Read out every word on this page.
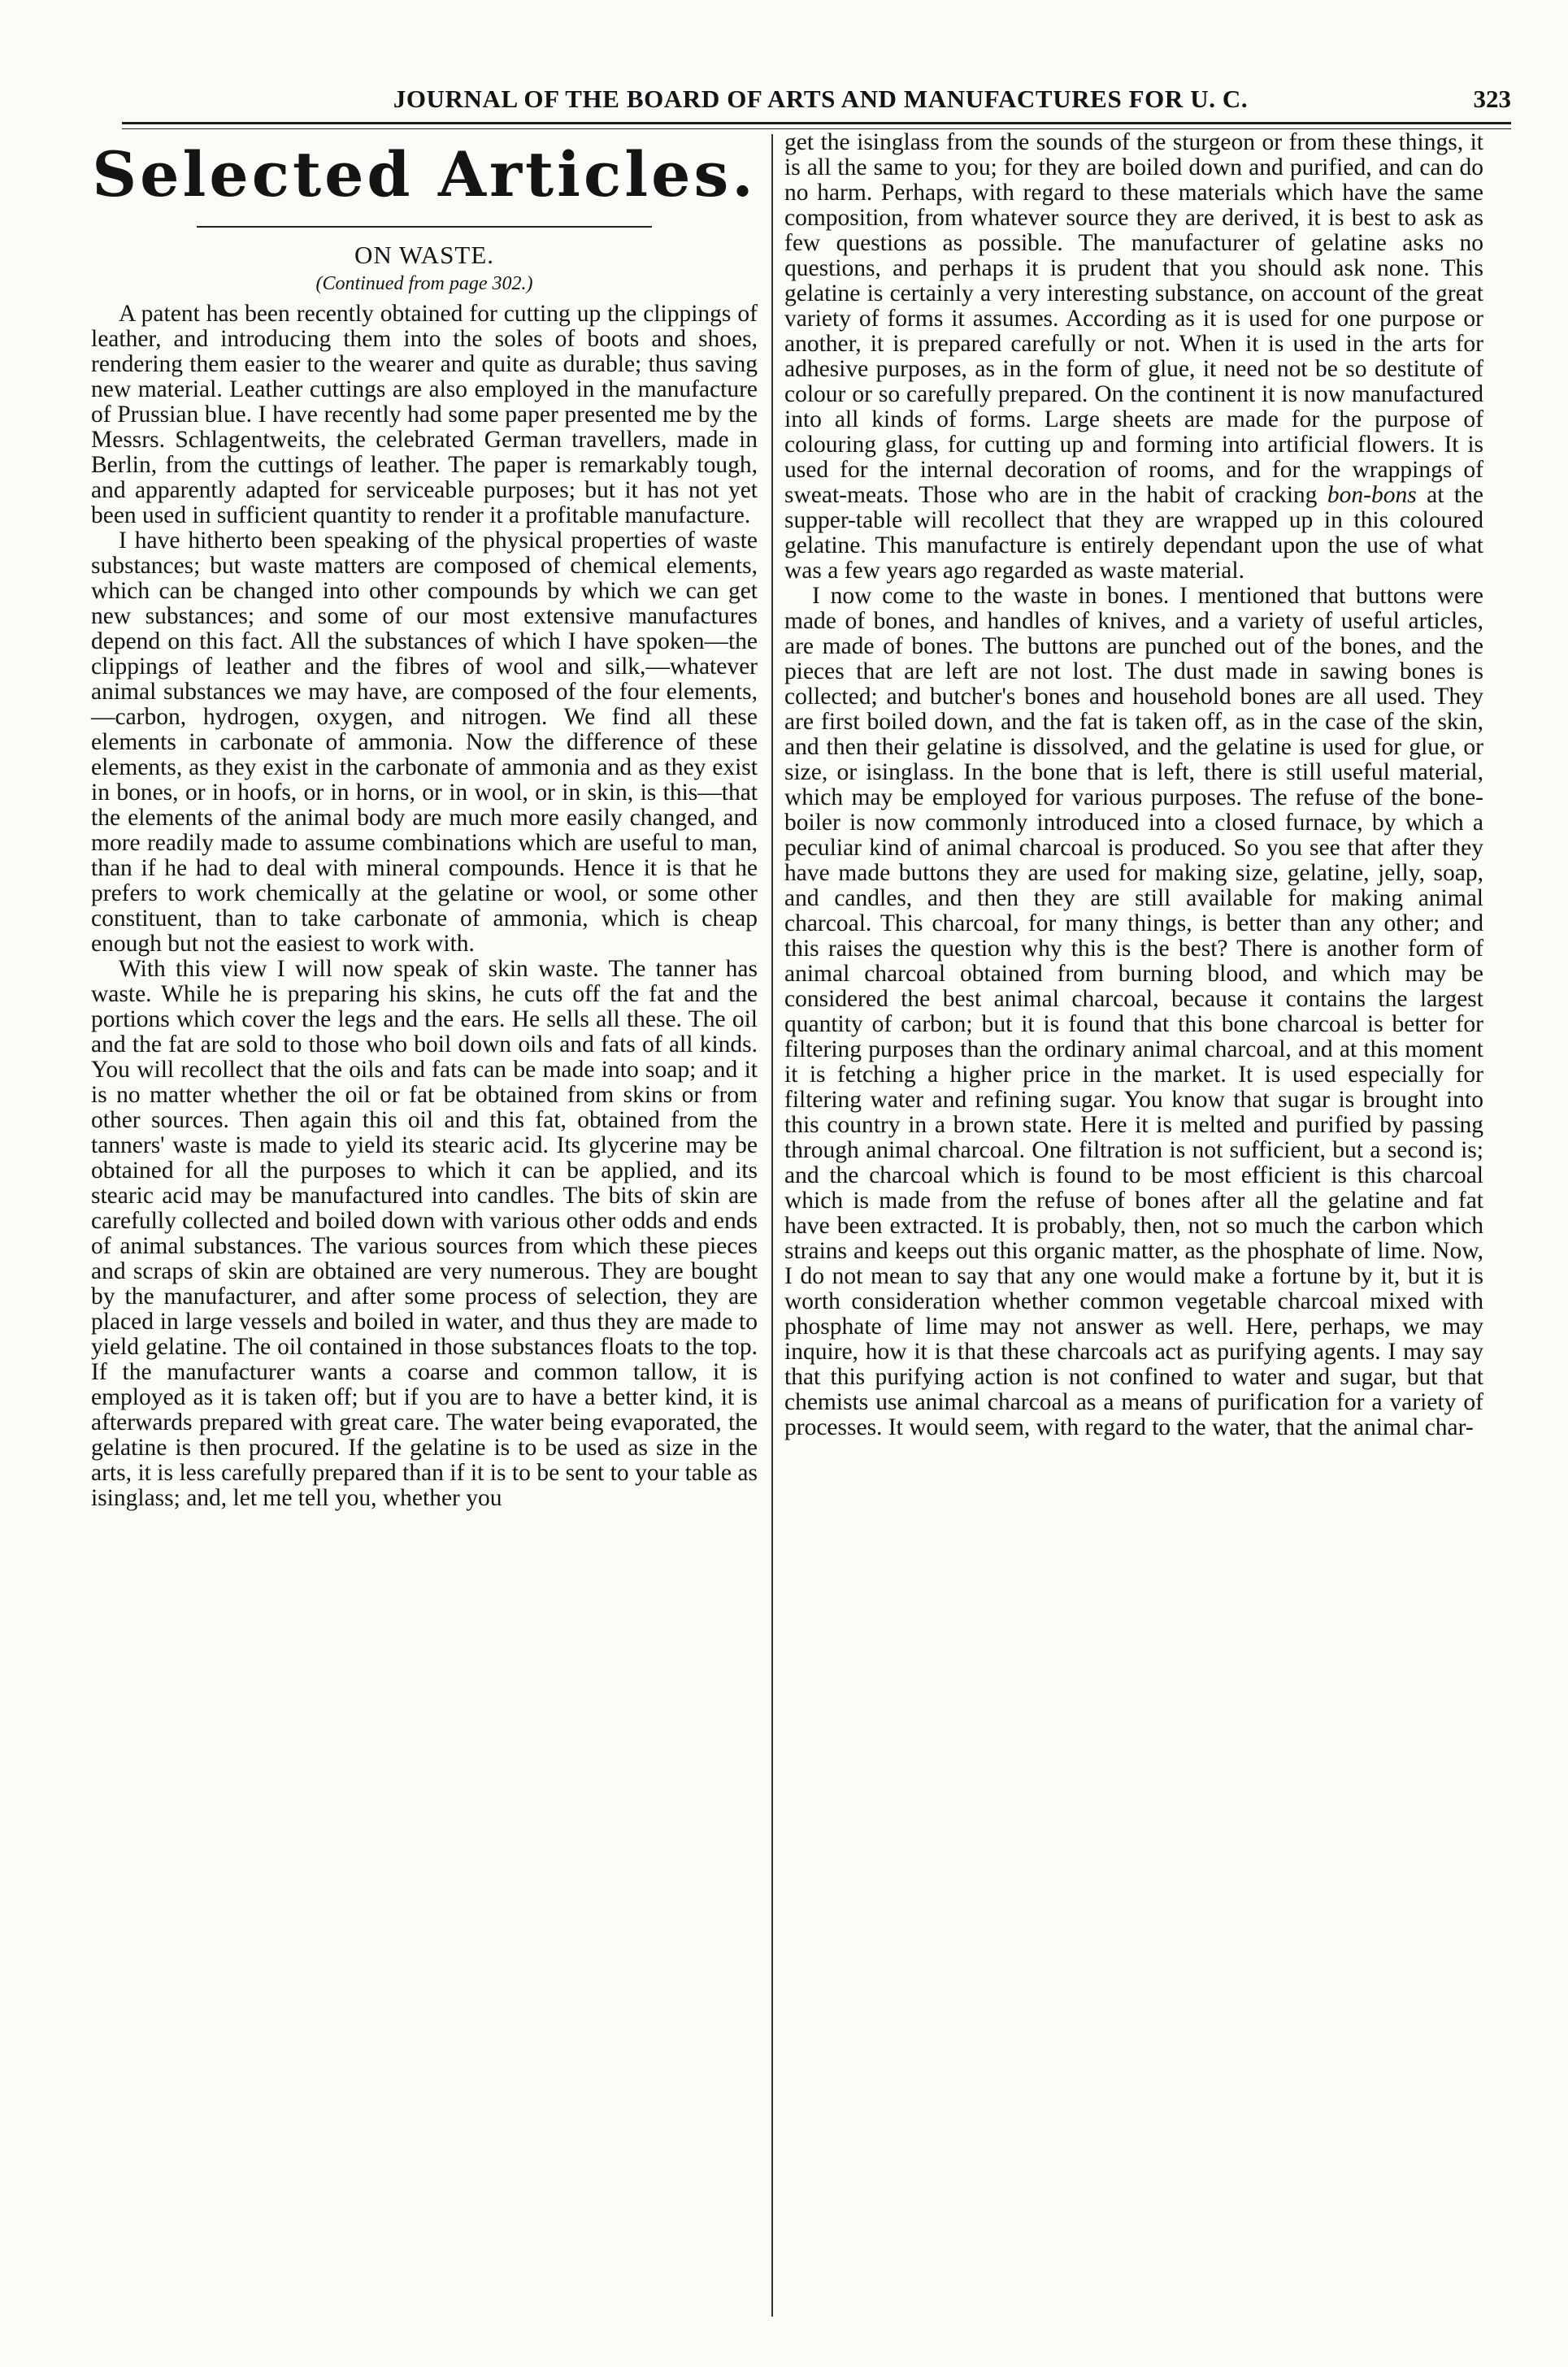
JOURNAL OF THE BOARD OF ARTS AND MANUFACTURES FOR U. C.	323
Selected Articles.
ON WASTE.
(Continued from page 302.)

A patent has been recently obtained for cutting up the clippings of leather, and introducing them into the soles of boots and shoes, rendering them easier to the wearer and quite as durable; thus saving new material. Leather cuttings are also employed in the manufacture of Prussian blue. I have recently had some paper presented me by the Messrs. Schlagentweits, the celebrated German travellers, made in Berlin, from the cuttings of leather. The paper is remarkably tough, and apparently adapted for serviceable purposes; but it has not yet been used in sufficient quantity to render it a profitable manufacture.

I have hitherto been speaking of the physical properties of waste substances; but waste matters are composed of chemical elements, which can be changed into other compounds by which we can get new substances; and some of our most extensive manufactures depend on this fact. All the substances of which I have spoken—the clippings of leather and the fibres of wool and silk,—whatever animal substances we may have, are composed of the four elements,—carbon, hydrogen, oxygen, and nitrogen. We find all these elements in carbonate of ammonia. Now the difference of these elements, as they exist in the carbonate of ammonia and as they exist in bones, or in hoofs, or in horns, or in wool, or in skin, is this—that the elements of the animal body are much more easily changed, and more readily made to assume combinations which are useful to man, than if he had to deal with mineral compounds. Hence it is that he prefers to work chemically at the gelatine or wool, or some other constituent, than to take carbonate of ammonia, which is cheap enough but not the easiest to work with.

With this view I will now speak of skin waste. The tanner has waste. While he is preparing his skins, he cuts off the fat and the portions which cover the legs and the ears. He sells all these. The oil and the fat are sold to those who boil down oils and fats of all kinds. You will recollect that the oils and fats can be made into soap; and it is no matter whether the oil or fat be obtained from skins or from other sources. Then again this oil and this fat, obtained from the tanners' waste is made to yield its stearic acid. Its glycerine may be obtained for all the purposes to which it can be applied, and its stearic acid may be manufactured into candles. The bits of skin are carefully collected and boiled down with various other odds and ends of animal substances. The various sources from which these pieces and scraps of skin are obtained are very numerous. They are bought by the manufacturer, and after some process of selection, they are placed in large vessels and boiled in water, and thus they are made to yield gelatine. The oil contained in those substances floats to the top. If the manufacturer wants a coarse and common tallow, it is employed as it is taken off; but if you are to have a better kind, it is afterwards prepared with great care. The water being evaporated, the gelatine is then procured. If the gelatine is to be used as size in the arts, it is less carefully prepared than if it is to be sent to your table as isinglass; and, let me tell you, whether you

get the isinglass from the sounds of the sturgeon or from these things, it is all the same to you; for they are boiled down and purified, and can do no harm. Perhaps, with regard to these materials which have the same composition, from whatever source they are derived, it is best to ask as few questions as possible. The manufacturer of gelatine asks no questions, and perhaps it is prudent that you should ask none. This gelatine is certainly a very interesting substance, on account of the great variety of forms it assumes. According as it is used for one purpose or another, it is prepared carefully or not. When it is used in the arts for adhesive purposes, as in the form of glue, it need not be so destitute of colour or so carefully prepared. On the continent it is now manufactured into all kinds of forms. Large sheets are made for the purpose of colouring glass, for cutting up and forming into artificial flowers. It is used for the internal decoration of rooms, and for the wrappings of sweat-meats. Those who are in the habit of cracking bon-bons at the supper-table will recollect that they are wrapped up in this coloured gelatine. This manufacture is entirely dependant upon the use of what was a few years ago regarded as waste material.

I now come to the waste in bones. I mentioned that buttons were made of bones, and handles of knives, and a variety of useful articles, are made of bones. The buttons are punched out of the bones, and the pieces that are left are not lost. The dust made in sawing bones is collected; and butcher's bones and household bones are all used. They are first boiled down, and the fat is taken off, as in the case of the skin, and then their gelatine is dissolved, and the gelatine is used for glue, or size, or isinglass. In the bone that is left, there is still useful material, which may be employed for various purposes. The refuse of the bone-boiler is now commonly introduced into a closed furnace, by which a peculiar kind of animal charcoal is produced. So you see that after they have made buttons they are used for making size, gelatine, jelly, soap, and candles, and then they are still available for making animal charcoal. This charcoal, for many things, is better than any other; and this raises the question why this is the best? There is another form of animal charcoal obtained from burning blood, and which may be considered the best animal charcoal, because it contains the largest quantity of carbon; but it is found that this bone charcoal is better for filtering purposes than the ordinary animal charcoal, and at this moment it is fetching a higher price in the market. It is used especially for filtering water and refining sugar. You know that sugar is brought into this country in a brown state. Here it is melted and purified by passing through animal charcoal. One filtration is not sufficient, but a second is; and the charcoal which is found to be most efficient is this charcoal which is made from the refuse of bones after all the gelatine and fat have been extracted. It is probably, then, not so much the carbon which strains and keeps out this organic matter, as the phosphate of lime. Now, I do not mean to say that any one would make a fortune by it, but it is worth consideration whether common vegetable charcoal mixed with phosphate of lime may not answer as well. Here, perhaps, we may inquire, how it is that these charcoals act as purifying agents. I may say that this purifying action is not confined to water and sugar, but that chemists use animal charcoal as a means of purification for a variety of processes. It would seem, with regard to the water, that the animal char-
